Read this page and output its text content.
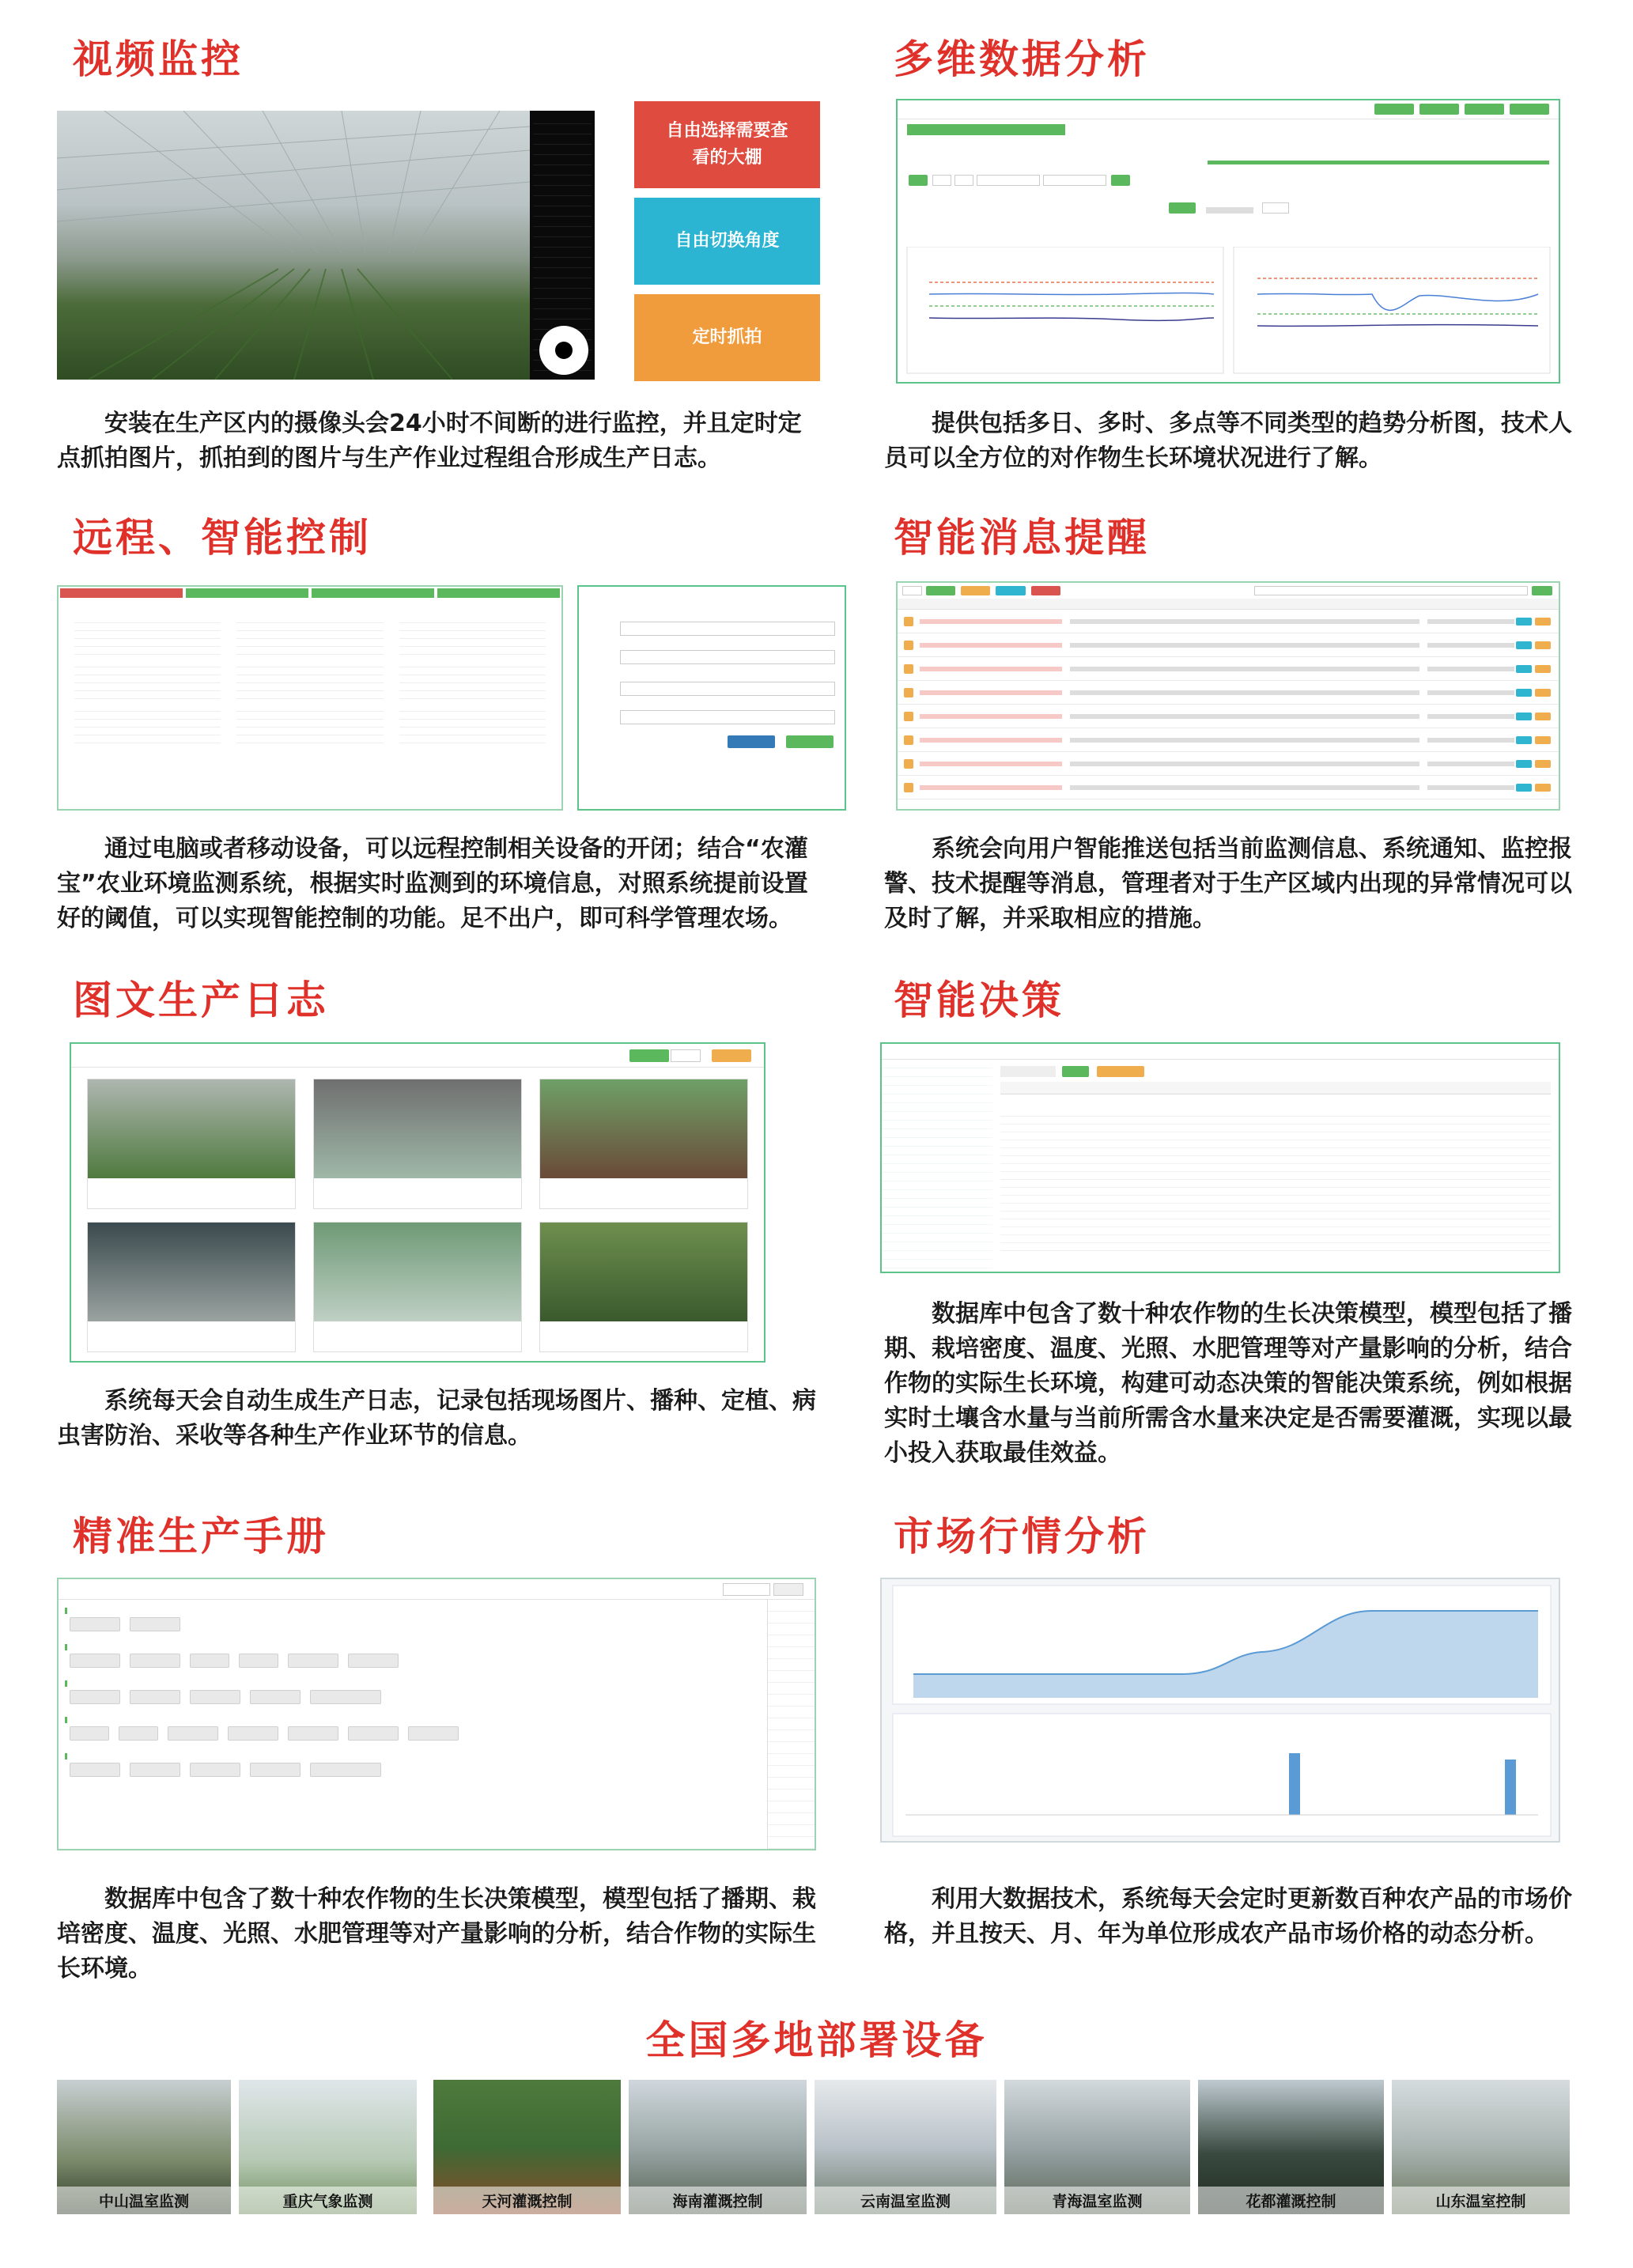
视频监控
自由选择需要查看的大棚
自由切换角度
定时抓拍
安装在生产区内的摄像头会24小时不间断的进行监控，并且定时定点抓拍图片，抓拍到的图片与生产作业过程组合形成生产日志。
多维数据分析

提供包括多日、多时、多点等不同类型的趋势分析图，技术人员可以全方位的对作物生长环境状况进行了解。
远程、智能控制
通过电脑或者移动设备，可以远程控制相关设备的开闭；结合“农灌宝”农业环境监测系统，根据实时监测到的环境信息，对照系统提前设置好的阈值，可以实现智能控制的功能。足不出户，即可科学管理农场。
智能消息提醒
系统会向用户智能推送包括当前监测信息、系统通知、监控报警、技术提醒等消息，管理者对于生产区域内出现的异常情况可以及时了解，并采取相应的措施。
图文生产日志
系统每天会自动生成生产日志，记录包括现场图片、播种、定植、病虫害防治、采收等各种生产作业环节的信息。
智能决策
数据库中包含了数十种农作物的生长决策模型，模型包括了播期、栽培密度、温度、光照、水肥管理等对产量影响的分析，结合作物的实际生长环境，构建可动态决策的智能决策系统，例如根据实时土壤含水量与当前所需含水量来决定是否需要灌溉，实现以最小投入获取最佳效益。
精准生产手册
数据库中包含了数十种农作物的生长决策模型，模型包括了播期、栽培密度、温度、光照、水肥管理等对产量影响的分析，结合作物的实际生长环境。
市场行情分析
利用大数据技术，系统每天会定时更新数百种农产品的市场价格，并且按天、月、年为单位形成农产品市场价格的动态分析。
全国多地部署设备
中山温室监测	重庆气象监测	天河灌溉控制	海南灌溉控制	云南温室监测	青海温室监测	花都灌溉控制	山东温室控制
